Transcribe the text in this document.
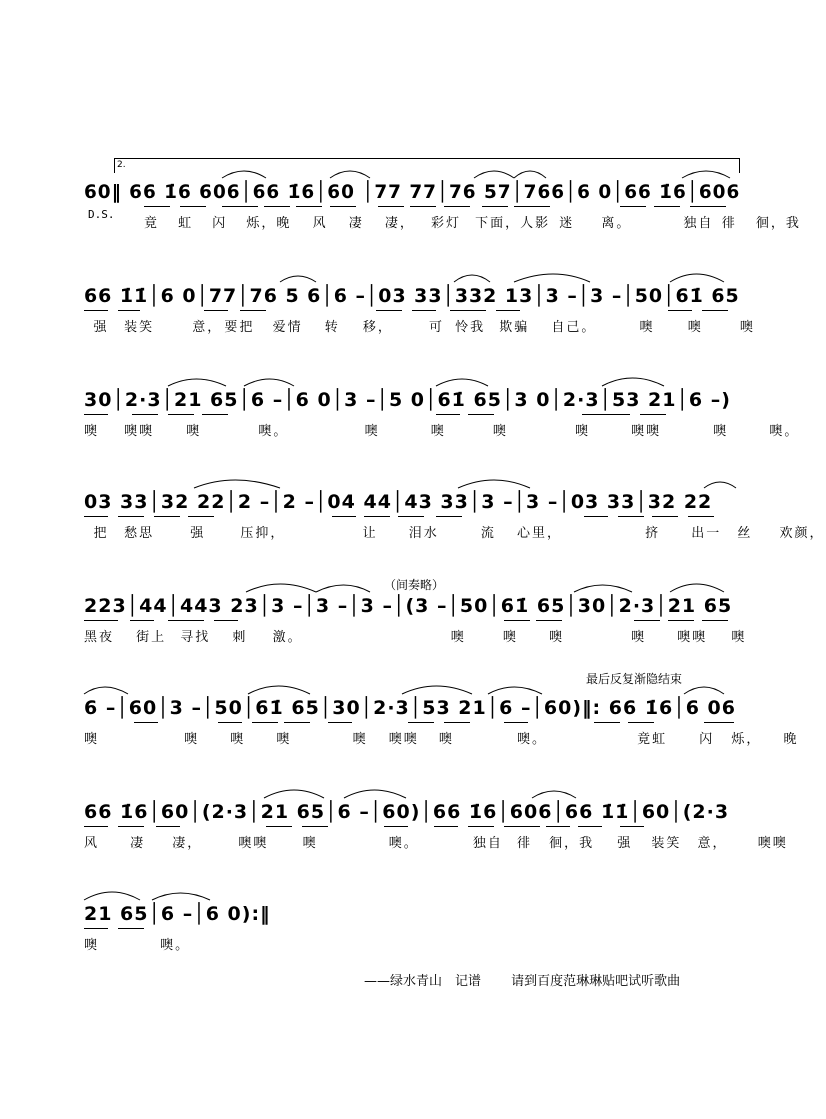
2.
D.S.
（间奏略）
最后反复渐隐结束
60‖ 66 1̇6 606│66 1̇6│60 │77 77│76 57│766│6 0│66 1̇6│606
竟 虹 闪 烁，晚 风 凄 凄， 彩灯 下面，人影 迷 离。	独自 徘 徊，我
66 1̇1̇│6 0│77│76 5 6│6 –│03 33│332 13│3 –│3 –│50│61̇ 65
强 装笑	意， 要把 爱情 转 移，	可 怜我 欺骗 自己。	噢	噢	噢
30│2·3│21 65│6 –│6 0│3 –│5 0│61̇ 65│3 0│2·3│53 21│6 –)
噢 噢噢 噢	噢。	噢	噢	噢	噢	噢噢	噢	噢。
03 33│32 22│2 –│2 –│04 44│43 33│3 –│3 –│03 33│32 22
把 愁思	强	压抑，	让 泪水	流 心里，	挤 出一 丝 欢颜，
223│44│443 23│3 –│3 –│3 –│(3 –│50│61̇ 65│30│2·3│21 65
黑夜 街上 寻找 刺 激。	噢	噢 噢	噢 噢噢 噢
6 –│60│3 –│50│61̇ 65│30│2·3│53 21│6 –│60)‖: 66 1̇6│6 06
噢	噢 噢 噢	噢 噢噢 噢	噢。	竟虹 闪 烁， 晚
66 1̇6│60│(2·3│21 65│6 –│60)│66 1̇6│606│66 1̇1̇│60│(2·3
风 凄 凄，	噢噢	噢	噢。	独自 徘 徊，我 强 装笑 意， 噢噢
21 65│6 –│6 0):‖
噢	噢。
——绿水青山　记谱 请到百度范琳琳贴吧试听歌曲
